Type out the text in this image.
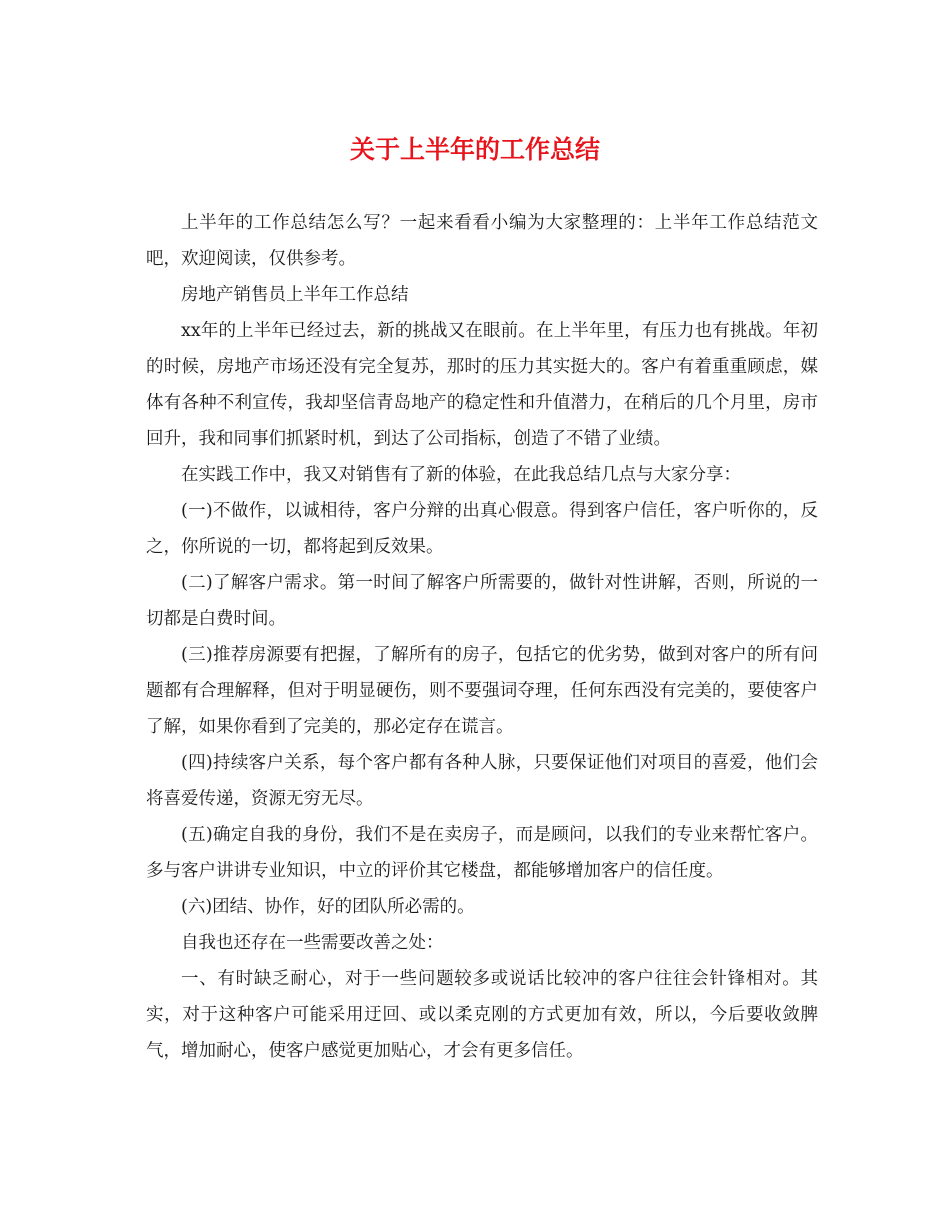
关于上半年的工作总结

上半年的工作总结怎么写？一起来看看小编为大家整理的：上半年工作总结范文吧，欢迎阅读，仅供参考。

房地产销售员上半年工作总结

xx年的上半年已经过去，新的挑战又在眼前。在上半年里，有压力也有挑战。年初的时候，房地产市场还没有完全复苏，那时的压力其实挺大的。客户有着重重顾虑，媒体有各种不利宣传，我却坚信青岛地产的稳定性和升值潜力，在稍后的几个月里，房市回升，我和同事们抓紧时机，到达了公司指标，创造了不错了业绩。

在实践工作中，我又对销售有了新的体验，在此我总结几点与大家分享：

(一)不做作，以诚相待，客户分辩的出真心假意。得到客户信任，客户听你的，反之，你所说的一切，都将起到反效果。

(二)了解客户需求。第一时间了解客户所需要的，做针对性讲解，否则，所说的一切都是白费时间。

(三)推荐房源要有把握，了解所有的房子，包括它的优劣势，做到对客户的所有问题都有合理解释，但对于明显硬伤，则不要强词夺理，任何东西没有完美的，要使客户了解，如果你看到了完美的，那必定存在谎言。

(四)持续客户关系，每个客户都有各种人脉，只要保证他们对项目的喜爱，他们会将喜爱传递，资源无穷无尽。

(五)确定自我的身份，我们不是在卖房子，而是顾问，以我们的专业来帮忙客户。多与客户讲讲专业知识，中立的评价其它楼盘，都能够增加客户的信任度。

(六)团结、协作，好的团队所必需的。

自我也还存在一些需要改善之处：

一、有时缺乏耐心，对于一些问题较多或说话比较冲的客户往往会针锋相对。其实，对于这种客户可能采用迂回、或以柔克刚的方式更加有效，所以，今后要收敛脾气，增加耐心，使客户感觉更加贴心，才会有更多信任。
